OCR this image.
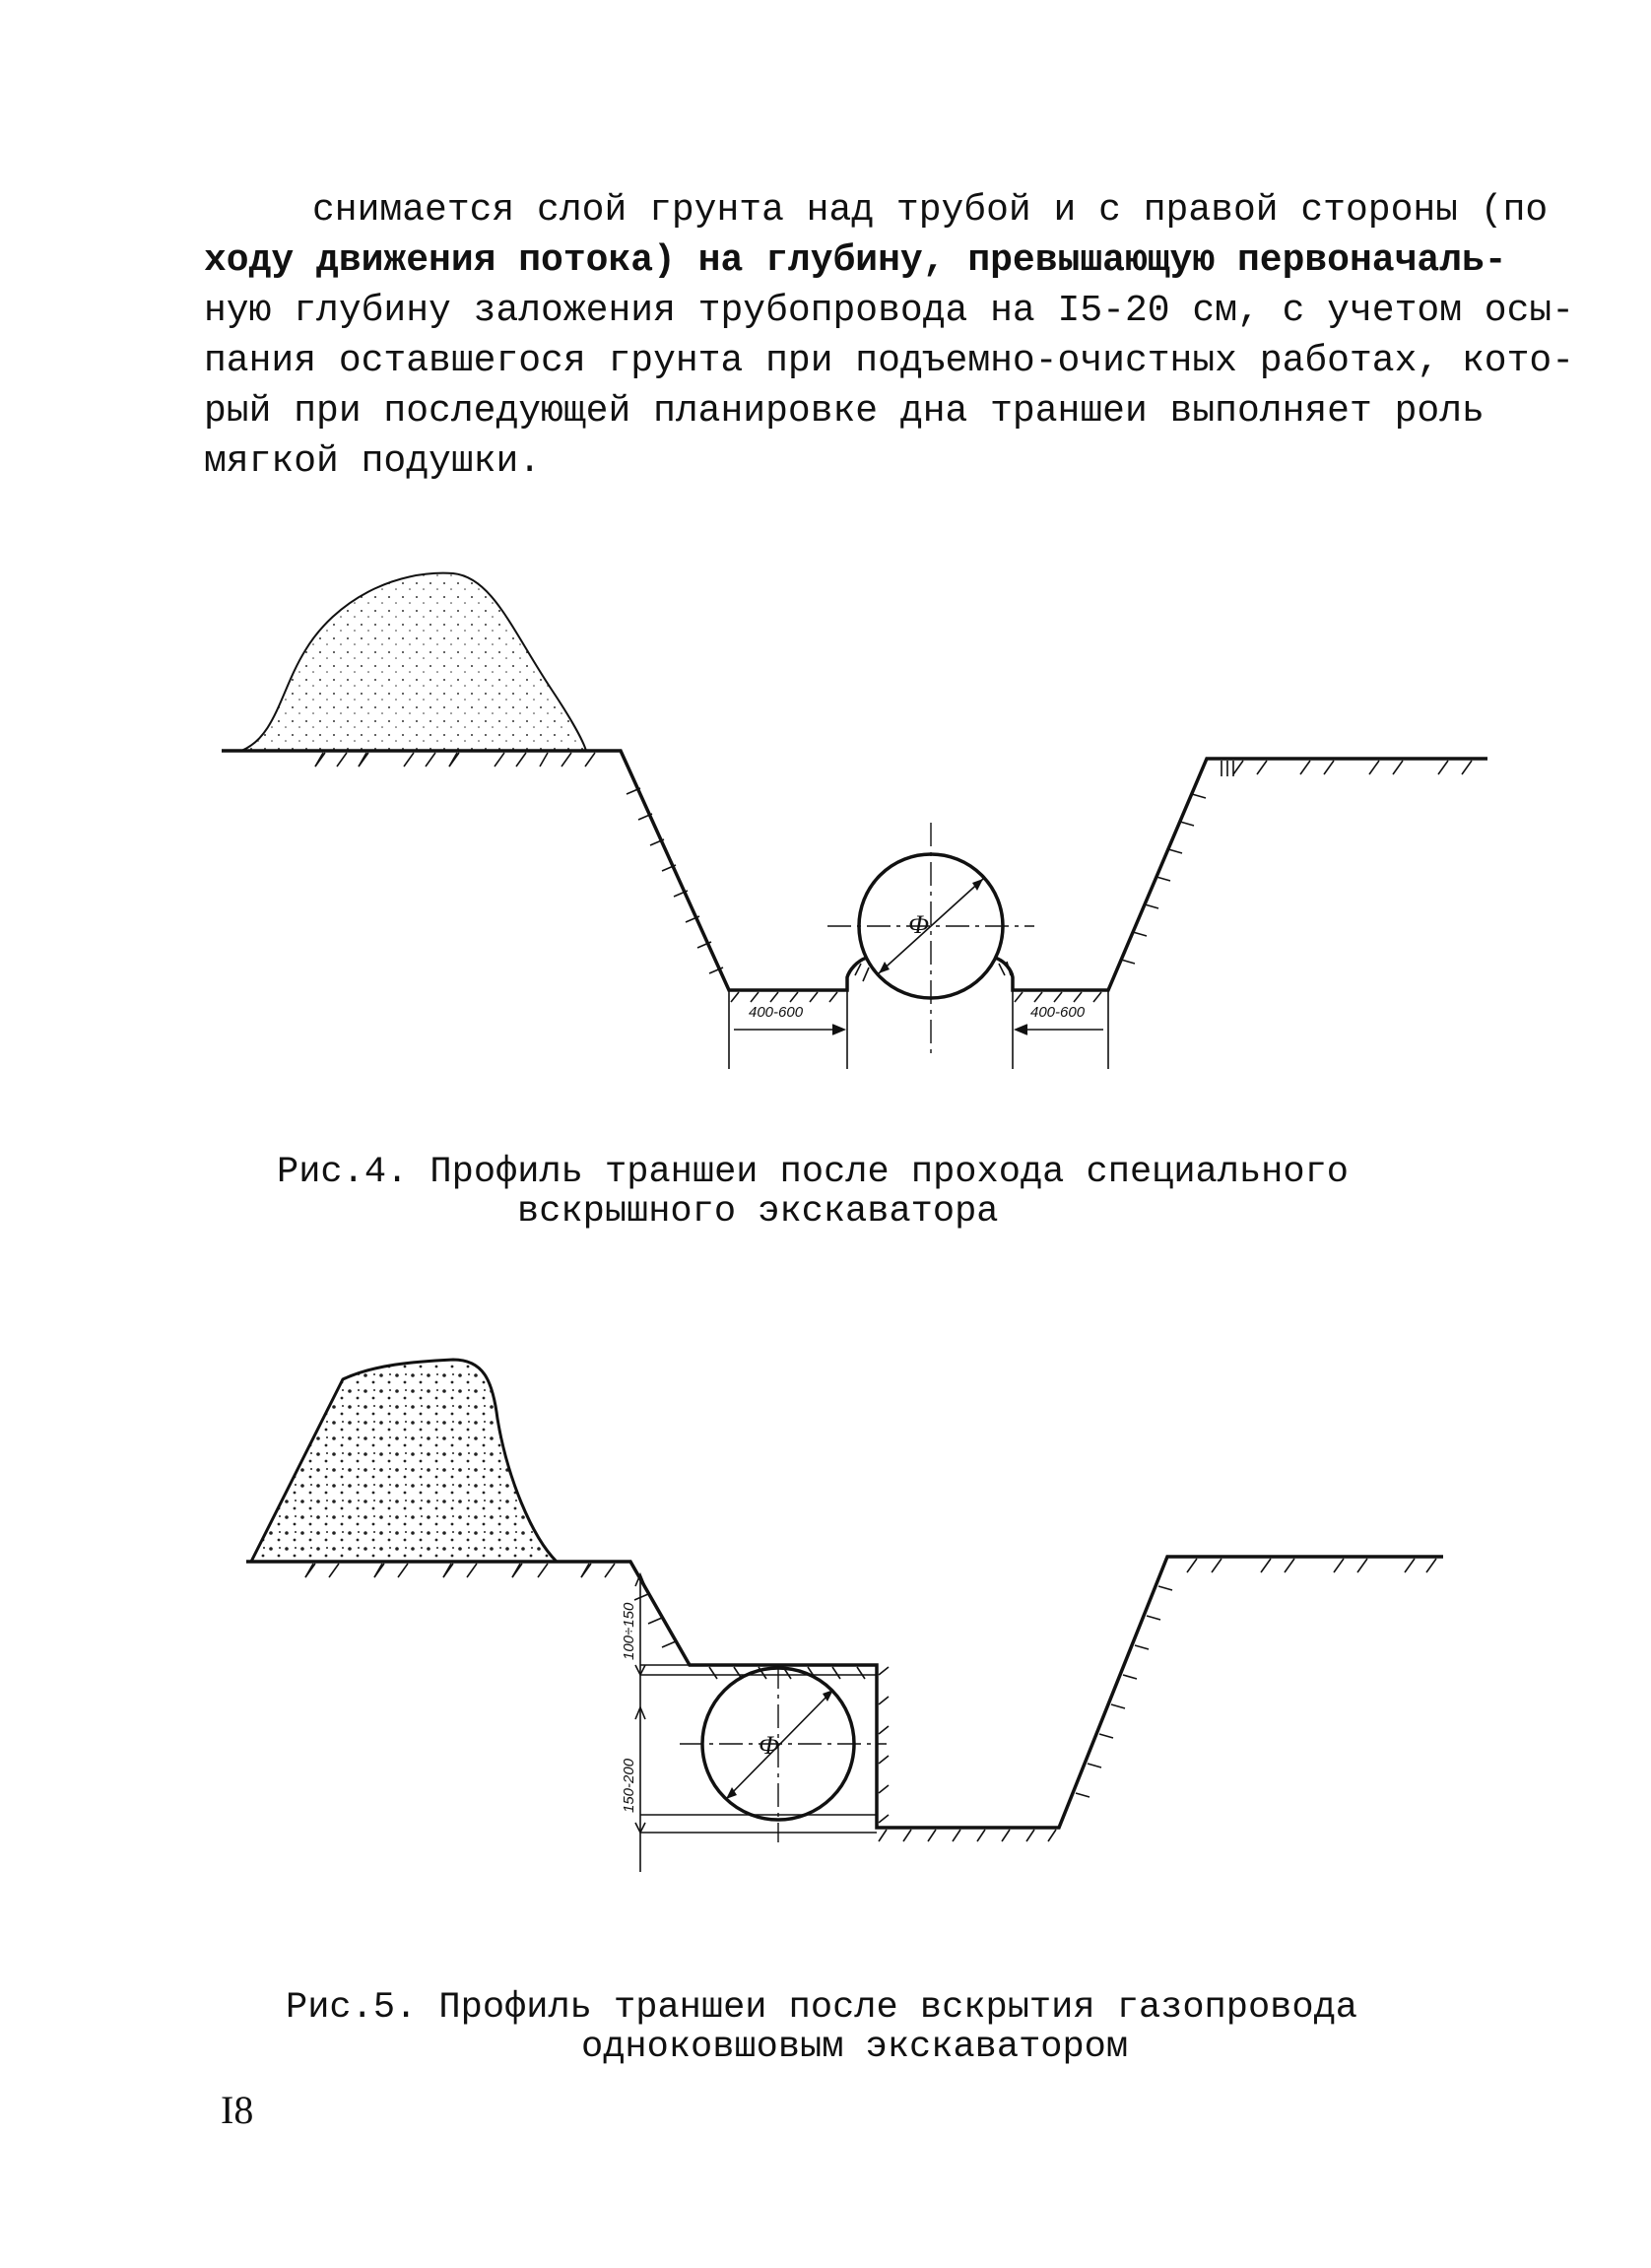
снимается слой грунта над трубой и с правой стороны (по
ходу движения потока) на глубину, превышающую первоначаль-
ную глубину заложения трубопровода на I5-20 см, с учетом осы-
пания оставшегося грунта при подъемно-очистных работах, кото-
рый при последующей планировке дна траншеи выполняет роль
мягкой подушки.
400-600	400-600
Ф
Рис.4. Профиль траншеи после прохода специального
вскрышного экскаватора
100÷150
150-200
Ф
Рис.5. Профиль траншеи после вскрытия газопровода
одноковшовым экскаватором
I8
